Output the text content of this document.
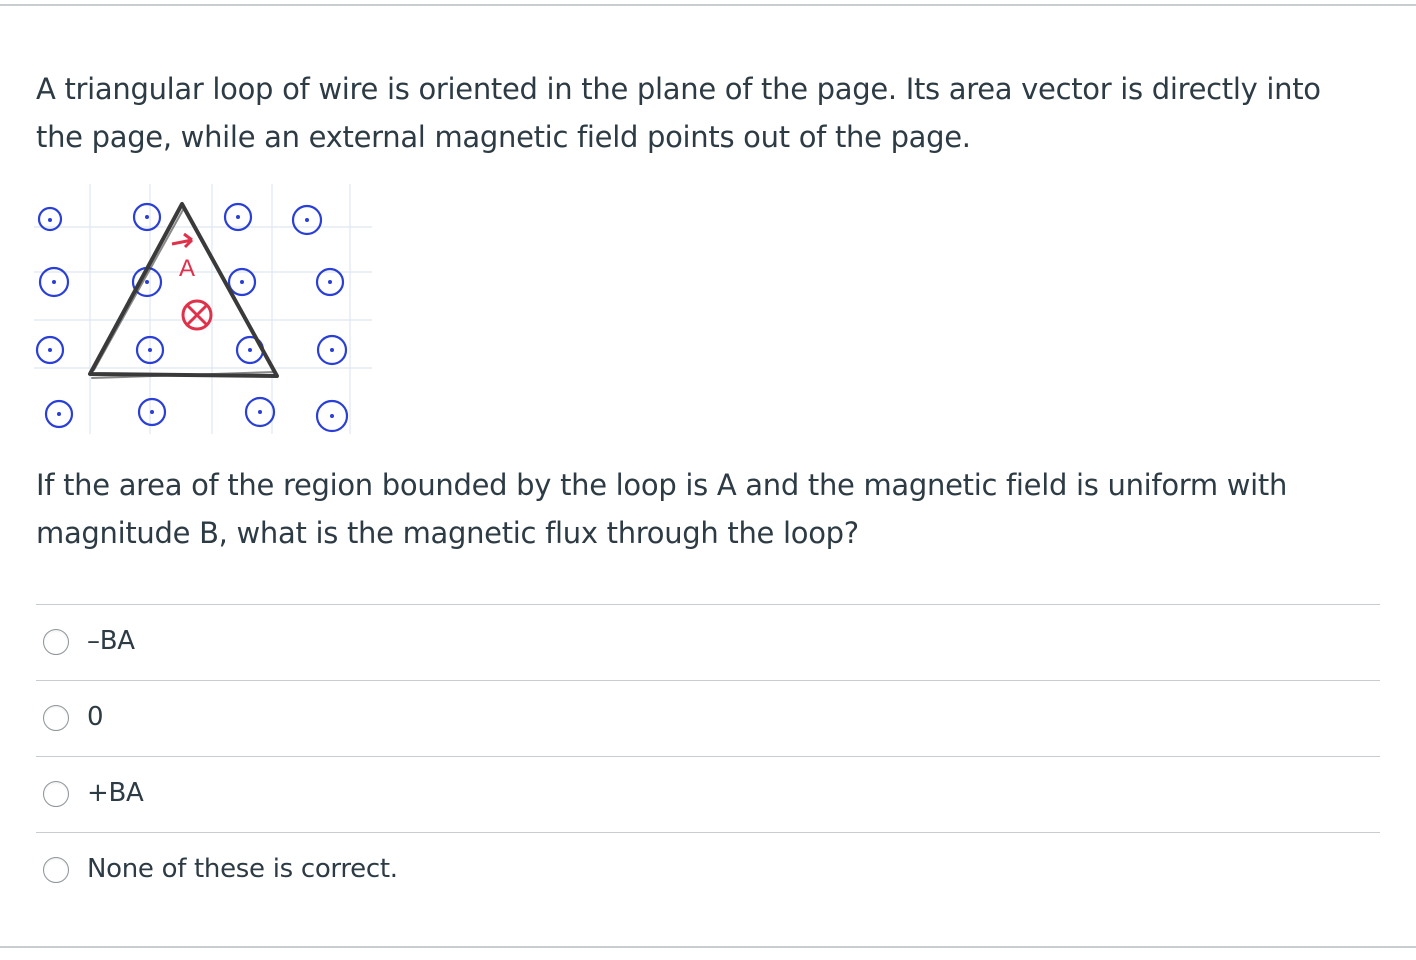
A triangular loop of wire is oriented in the plane of the page. Its area vector is directly into the page, while an external magnetic field points out of the page.

A

If the area of the region bounded by the loop is A and the magnetic field is uniform with magnitude B, what is the magnetic flux through the loop?

–BA
0
+BA
None of these is correct.
